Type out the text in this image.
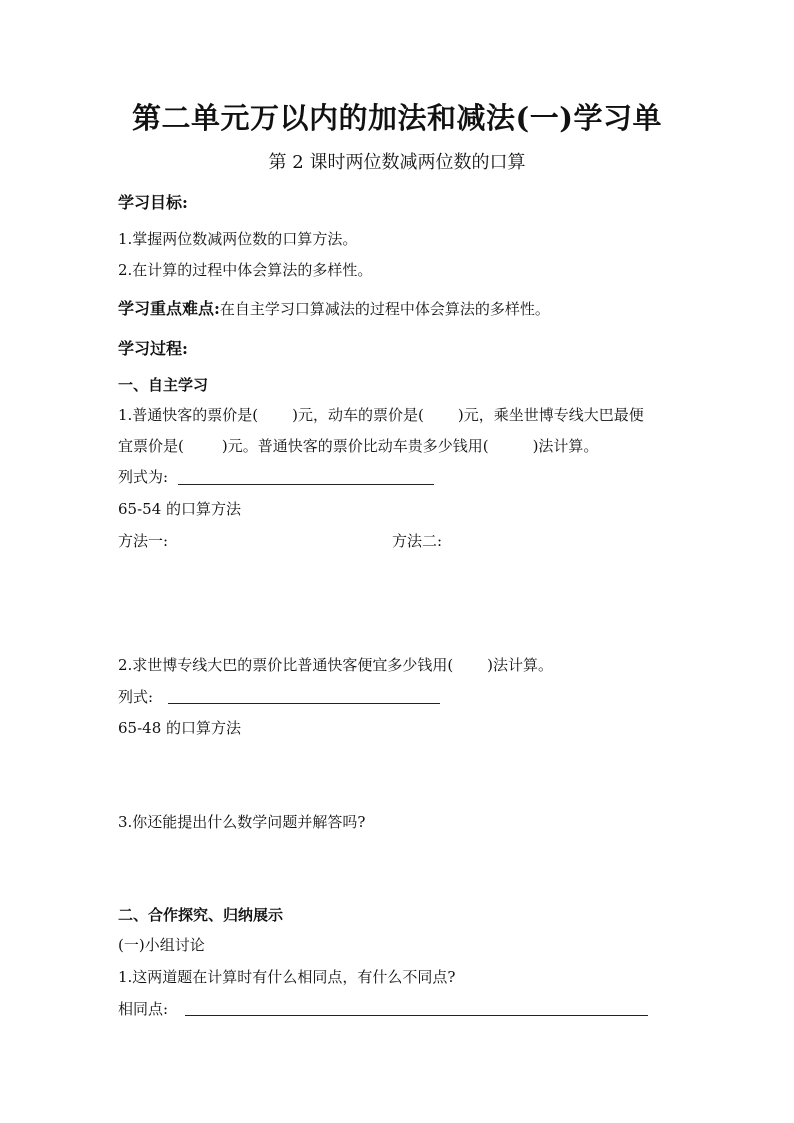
第二单元万以内的加法和减法(一)学习单
第 2 课时两位数减两位数的口算
学习目标:
1.掌握两位数减两位数的口算方法。
2.在计算的过程中体会算法的多样性。
学习重点难点:在自主学习口算减法的过程中体会算法的多样性。
学习过程:
一、自主学习
1.普通快客的票价是( )元，动车的票价是( )元，乘坐世博专线大巴最便
宜票价是(	)元。普通快客的票价比动车贵多少钱用(	)法计算。
列式为:
65-54 的口算方法
方法一:	方法二:
2.求世博专线大巴的票价比普通快客便宜多少钱用( )法计算。
列式:
65-48 的口算方法
3.你还能提出什么数学问题并解答吗?
二、合作探究、归纳展示
(一)小组讨论
1.这两道题在计算时有什么相同点，有什么不同点?
相同点:
